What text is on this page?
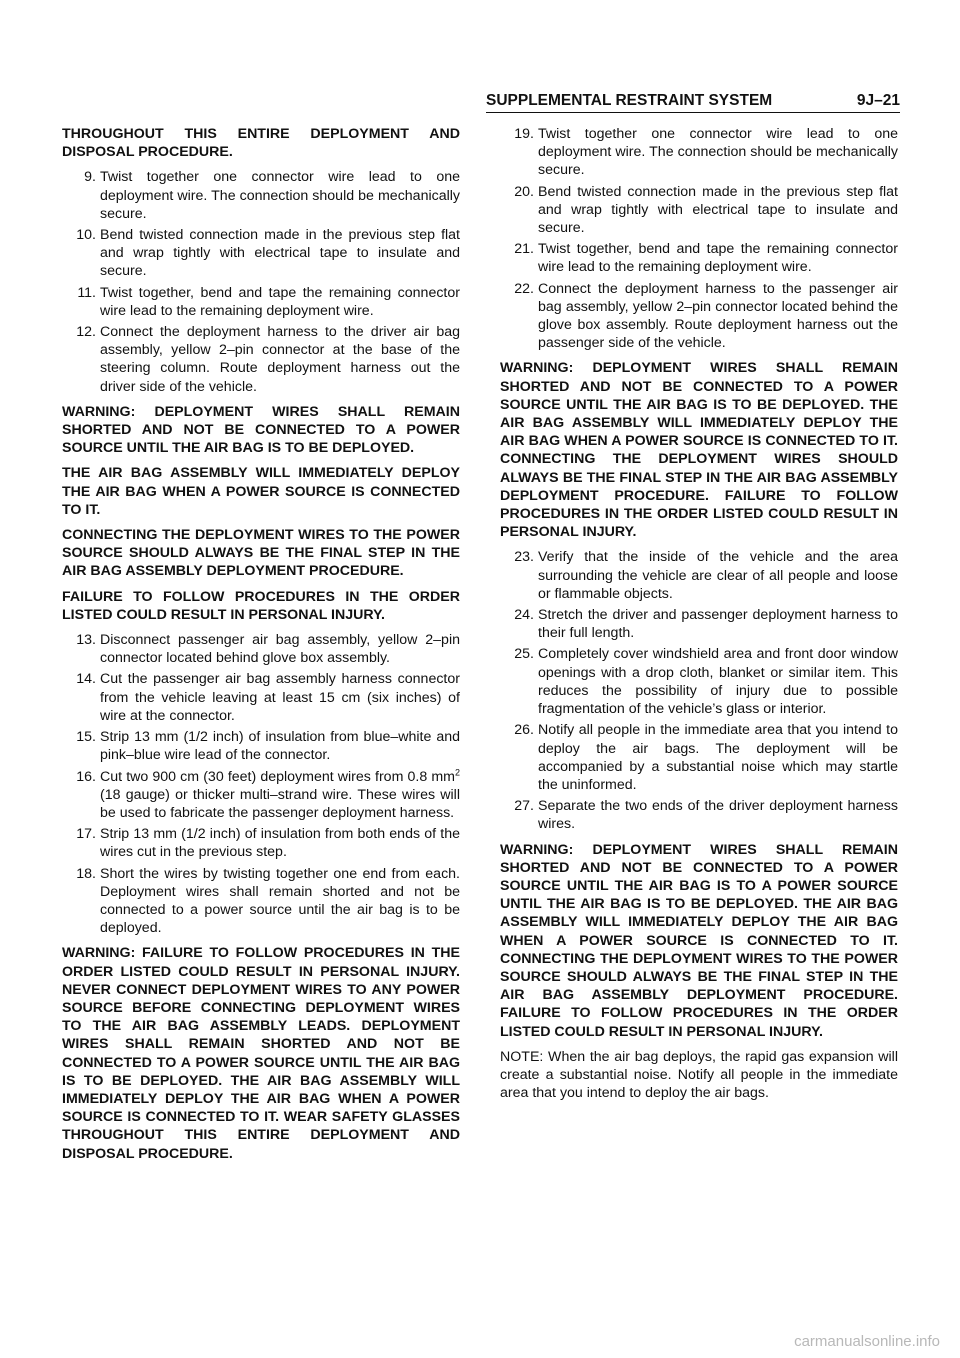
SUPPLEMENTAL RESTRAINT SYSTEM	9J–21

THROUGHOUT THIS ENTIRE DEPLOYMENT AND DISPOSAL PROCEDURE.

9. Twist together one connector wire lead to one deployment wire. The connection should be mechanically secure.
10. Bend twisted connection made in the previous step flat and wrap tightly with electrical tape to insulate and secure.
11. Twist together, bend and tape the remaining connector wire lead to the remaining deployment wire.
12. Connect the deployment harness to the driver air bag assembly, yellow 2–pin connector at the base of the steering column. Route deployment harness out the driver side of the vehicle.

WARNING: DEPLOYMENT WIRES SHALL REMAIN SHORTED AND NOT BE CONNECTED TO A POWER SOURCE UNTIL THE AIR BAG IS TO BE DEPLOYED.

THE AIR BAG ASSEMBLY WILL IMMEDIATELY DEPLOY THE AIR BAG WHEN A POWER SOURCE IS CONNECTED TO IT.

CONNECTING THE DEPLOYMENT WIRES TO THE POWER SOURCE SHOULD ALWAYS BE THE FINAL STEP IN THE AIR BAG ASSEMBLY DEPLOYMENT PROCEDURE.

FAILURE TO FOLLOW PROCEDURES IN THE ORDER LISTED COULD RESULT IN PERSONAL INJURY.

13. Disconnect passenger air bag assembly, yellow 2–pin connector located behind glove box assembly.
14. Cut the passenger air bag assembly harness connector from the vehicle leaving at least 15 cm (six inches) of wire at the connector.
15. Strip 13 mm (1/2 inch) of insulation from blue–white and pink–blue wire lead of the connector.
16. Cut two 900 cm (30 feet) deployment wires from 0.8 $mm^2$ (18 gauge) or thicker multi–strand wire. These wires will be used to fabricate the passenger deployment harness.
17. Strip 13 mm (1/2 inch) of insulation from both ends of the wires cut in the previous step.
18. Short the wires by twisting together one end from each. Deployment wires shall remain shorted and not be connected to a power source until the air bag is to be deployed.

WARNING: FAILURE TO FOLLOW PROCEDURES IN THE ORDER LISTED COULD RESULT IN PERSONAL INJURY. NEVER CONNECT DEPLOYMENT WIRES TO ANY POWER SOURCE BEFORE CONNECTING DEPLOYMENT WIRES TO THE AIR BAG ASSEMBLY LEADS. DEPLOYMENT WIRES SHALL REMAIN SHORTED AND NOT BE CONNECTED TO A POWER SOURCE UNTIL THE AIR BAG IS TO BE DEPLOYED. THE AIR BAG ASSEMBLY WILL IMMEDIATELY DEPLOY THE AIR BAG WHEN A POWER SOURCE IS CONNECTED TO IT. WEAR SAFETY GLASSES THROUGHOUT THIS ENTIRE DEPLOYMENT AND DISPOSAL PROCEDURE.

19. Twist together one connector wire lead to one deployment wire. The connection should be mechanically secure.
20. Bend twisted connection made in the previous step flat and wrap tightly with electrical tape to insulate and secure.
21. Twist together, bend and tape the remaining connector wire lead to the remaining deployment wire.
22. Connect the deployment harness to the passenger air bag assembly, yellow 2–pin connector located behind the glove box assembly. Route deployment harness out the passenger side of the vehicle.

WARNING: DEPLOYMENT WIRES SHALL REMAIN SHORTED AND NOT BE CONNECTED TO A POWER SOURCE UNTIL THE AIR BAG IS TO BE DEPLOYED. THE AIR BAG ASSEMBLY WILL IMMEDIATELY DEPLOY THE AIR BAG WHEN A POWER SOURCE IS CONNECTED TO IT. CONNECTING THE DEPLOYMENT WIRES SHOULD ALWAYS BE THE FINAL STEP IN THE AIR BAG ASSEMBLY DEPLOYMENT PROCEDURE. FAILURE TO FOLLOW PROCEDURES IN THE ORDER LISTED COULD RESULT IN PERSONAL INJURY.

23. Verify that the inside of the vehicle and the area surrounding the vehicle are clear of all people and loose or flammable objects.
24. Stretch the driver and passenger deployment harness to their full length.
25. Completely cover windshield area and front door window openings with a drop cloth, blanket or similar item. This reduces the possibility of injury due to possible fragmentation of the vehicle’s glass or interior.
26. Notify all people in the immediate area that you intend to deploy the air bags. The deployment will be accompanied by a substantial noise which may startle the uninformed.
27. Separate the two ends of the driver deployment harness wires.

WARNING: DEPLOYMENT WIRES SHALL REMAIN SHORTED AND NOT BE CONNECTED TO A POWER SOURCE UNTIL THE AIR BAG IS TO A POWER SOURCE UNTIL THE AIR BAG IS TO BE DEPLOYED. THE AIR BAG ASSEMBLY WILL IMMEDIATELY DEPLOY THE AIR BAG WHEN A POWER SOURCE IS CONNECTED TO IT. CONNECTING THE DEPLOYMENT WIRES TO THE POWER SOURCE SHOULD ALWAYS BE THE FINAL STEP IN THE AIR BAG ASSEMBLY DEPLOYMENT PROCEDURE. FAILURE TO FOLLOW PROCEDURES IN THE ORDER LISTED COULD RESULT IN PERSONAL INJURY.

NOTE: When the air bag deploys, the rapid gas expansion will create a substantial noise. Notify all people in the immediate area that you intend to deploy the air bags.

carmanualsonline.info
